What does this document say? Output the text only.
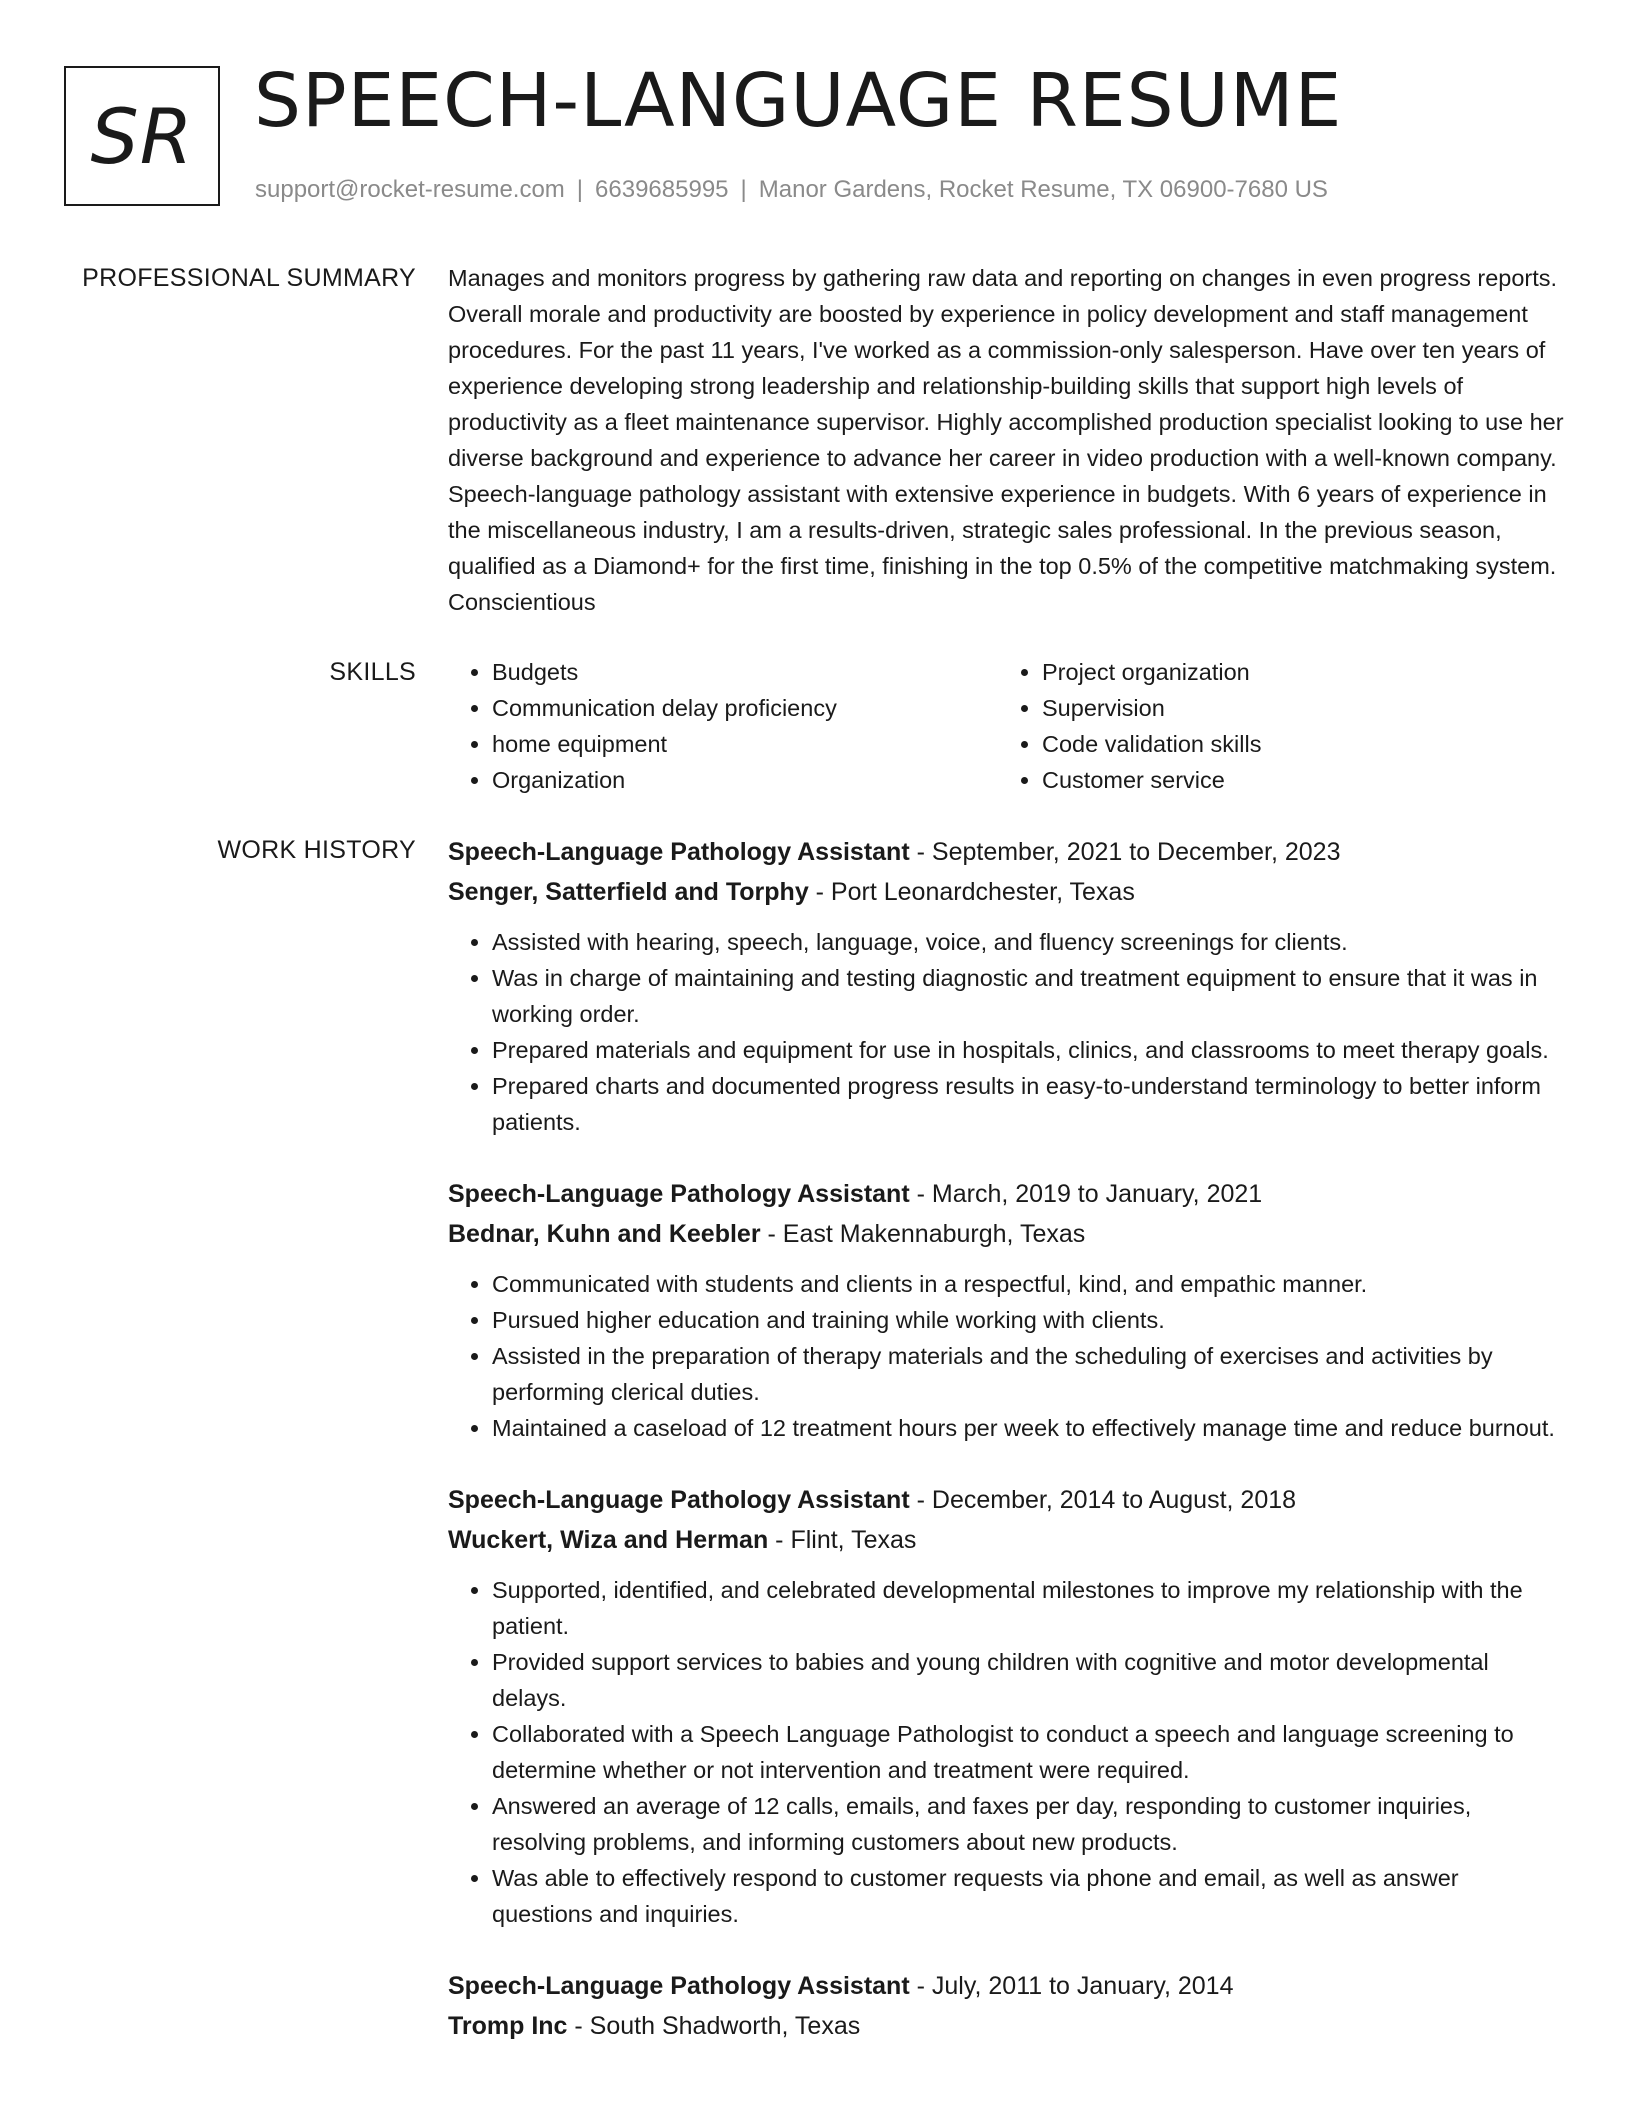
SR SPEECH-LANGUAGE RESUME
support@rocket-resume.com | 6639685995 | Manor Gardens, Rocket Resume, TX 06900-7680 US
PROFESSIONAL SUMMARY Manages and monitors progress by gathering raw data and reporting on changes in even progress reports. Overall morale and productivity are boosted by experience in policy development and staff management procedures. For the past 11 years, I've worked as a commission-only salesperson. Have over ten years of experience developing strong leadership and relationship-building skills that support high levels of productivity as a fleet maintenance supervisor. Highly accomplished production specialist looking to use her diverse background and experience to advance her career in video production with a well-known company. Speech-language pathology assistant with extensive experience in budgets. With 6 years of experience in the miscellaneous industry, I am a results-driven, strategic sales professional. In the previous season, qualified as a Diamond+ for the first time, finishing in the top 0.5% of the competitive matchmaking system. Conscientious

SKILLS
•	Budgets
• Communication delay proficiency
• home equipment
• Organization
• Project organization
• Supervision
• Code validation skills
• Customer service
WORK HISTORY Speech-Language Pathology Assistant - September, 2021 to December, 2023
Senger, Satterfield and Torphy - Port Leonardchester, Texas
• Assisted with hearing, speech, language, voice, and fluency screenings for clients.
• Was in charge of maintaining and testing diagnostic and treatment equipment to ensure that it was in working order.
• Prepared materials and equipment for use in hospitals, clinics, and classrooms to meet therapy goals.
• Prepared charts and documented progress results in easy-to-understand terminology to better inform patients.
Speech-Language Pathology Assistant - March, 2019 to January, 2021
Bednar, Kuhn and Keebler - East Makennaburgh, Texas
• Communicated with students and clients in a respectful, kind, and empathic manner.
• Pursued higher education and training while working with clients.
• Assisted in the preparation of therapy materials and the scheduling of exercises and activities by performing clerical duties.
• Maintained a caseload of 12 treatment hours per week to effectively manage time and reduce burnout.
Speech-Language Pathology Assistant - December, 2014 to August, 2018
Wuckert, Wiza and Herman - Flint, Texas
• Supported, identified, and celebrated developmental milestones to improve my relationship with the patient.
• Provided support services to babies and young children with cognitive and motor developmental delays.
• Collaborated with a Speech Language Pathologist to conduct a speech and language screening to determine whether or not intervention and treatment were required.
• Answered an average of 12 calls, emails, and faxes per day, responding to customer inquiries, resolving problems, and informing customers about new products.
• Was able to effectively respond to customer requests via phone and email, as well as answer questions and inquiries.
Speech-Language Pathology Assistant - July, 2011 to January, 2014
Tromp Inc - South Shadworth, Texas
